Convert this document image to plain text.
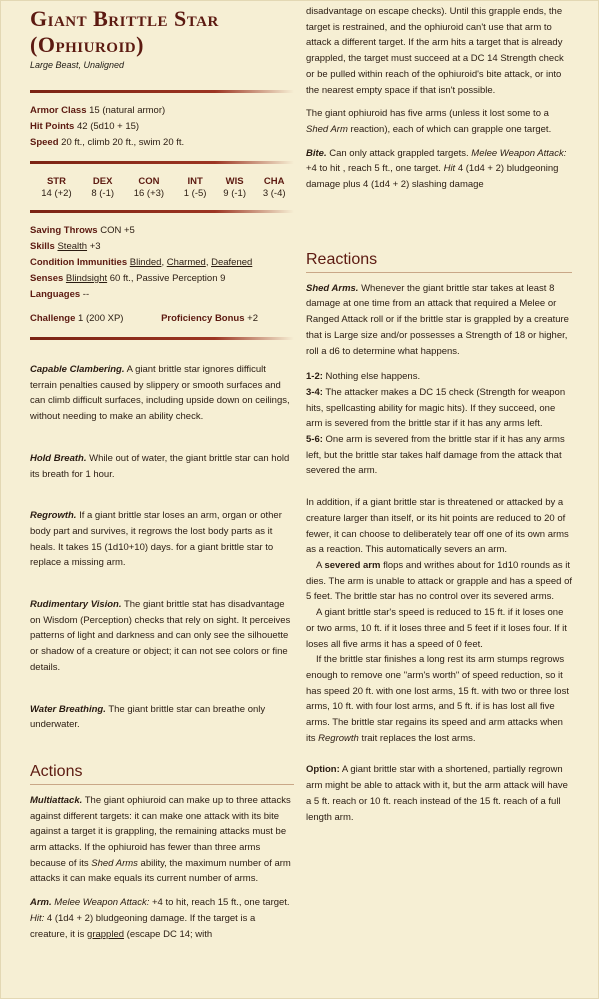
Giant Brittle Star
(Ophiuroid)
Large Beast, Unaligned
Armor Class 15 (natural armor)
Hit Points 42 (5d10 + 15)
Speed 20 ft., climb 20 ft., swim 20 ft.
STR	DEX	CON	INT	WIS	CHA
14 (+2)	8 (-1)	16 (+3)	1 (-5)	9 (-1)	3 (-4)
Saving Throws CON +5
Skills Stealth +3
Condition Immunities Blinded, Charmed, Deafened
Senses Blindsight 60 ft., Passive Perception 9
Languages --
Challenge 1 (200 XP)	Proficiency Bonus +2

Capable Clambering. A giant brittle star ignores difficult terrain penalties caused by slippery or smooth surfaces and can climb difficult surfaces, including upside down on ceilings, without needing to make an ability check.

Hold Breath. While out of water, the giant brittle star can hold its breath for 1 hour.

Regrowth. If a giant brittle star loses an arm, organ or other body part and survives, it regrows the lost body parts as it heals. It takes 15 (1d10+10) days. for a giant brittle star to replace a missing arm.

Rudimentary Vision. The giant brittle stat has disadvantage on Wisdom (Perception) checks that rely on sight. It perceives patterns of light and darkness and can only see the silhouette or shadow of a creature or object; it can not see colors or fine details.

Water Breathing. The giant brittle star can breathe only underwater.

Actions

Multiattack. The giant ophiuroid can make up to three attacks against different targets: it can make one attack with its bite against a target it is grappling, the remaining attacks must be arm attacks. If the ophiuroid has fewer than three arms because of its Shed Arms ability, the maximum number of arm attacks it can make equals its current number of arms.

Arm. Melee Weapon Attack: +4 to hit, reach 15 ft., one target. Hit: 4 (1d4 + 2) bludgeoning damage. If the target is a creature, it is grappled (escape DC 14; with

disadvantage on escape checks). Until this grapple ends, the target is restrained, and the ophiuroid can't use that arm to attack a different target. If the arm hits a target that is already grappled, the target must succeed at a DC 14 Strength check or be pulled within reach of the ophiuroid's bite attack, or into the nearest empty space if that isn't possible.

The giant ophiuroid has five arms (unless it lost some to a Shed Arm reaction), each of which can grapple one target.

Bite. Can only attack grappled targets. Melee Weapon Attack: +4 to hit , reach 5 ft., one target. Hit 4 (1d4 + 2) bludgeoning damage plus 4 (1d4 + 2) slashing damage

Reactions

Shed Arms. Whenever the giant brittle star takes at least 8 damage at one time from an attack that required a Melee or Ranged Attack roll or if the brittle star is grappled by a creature that is Large size and/or possesses a Strength of 18 or higher, roll a d6 to determine what happens.

1-2: Nothing else happens.

3-4: The attacker makes a DC 15 check (Strength for weapon hits, spellcasting ability for magic hits). If they succeed, one arm is severed from the brittle star if it has any arms left.

5-6: One arm is severed from the brittle star if it has any arms left, but the brittle star takes half damage from the attack that severed the arm.

In addition, if a giant brittle star is threatened or attacked by a creature larger than itself, or its hit points are reduced to 20 of fewer, it can choose to deliberately tear off one of its own arms as a reaction. This automatically severs an arm.

A severed arm flops and writhes about for 1d10 rounds as it dies. The arm is unable to attack or grapple and has a speed of 5 feet. The brittle star has no control over its severed arms.

A giant brittle star's speed is reduced to 15 ft. if it loses one or two arms, 10 ft. if it loses three and 5 feet if it loses four. If it loses all five arms it has a speed of 0 feet.

If the brittle star finishes a long rest its arm stumps regrows enough to remove one "arm's worth" of speed reduction, so it has speed 20 ft. with one lost arms, 15 ft. with two or three lost arms, 10 ft. with four lost arms, and 5 ft. if is has lost all five arms. The brittle star regains its speed and arm attacks when its Regrowth trait replaces the lost arms.

Option: A giant brittle star with a shortened, partially regrown arm might be able to attack with it, but the arm attack will have a 5 ft. reach or 10 ft. reach instead of the 15 ft. reach of a full length arm.
